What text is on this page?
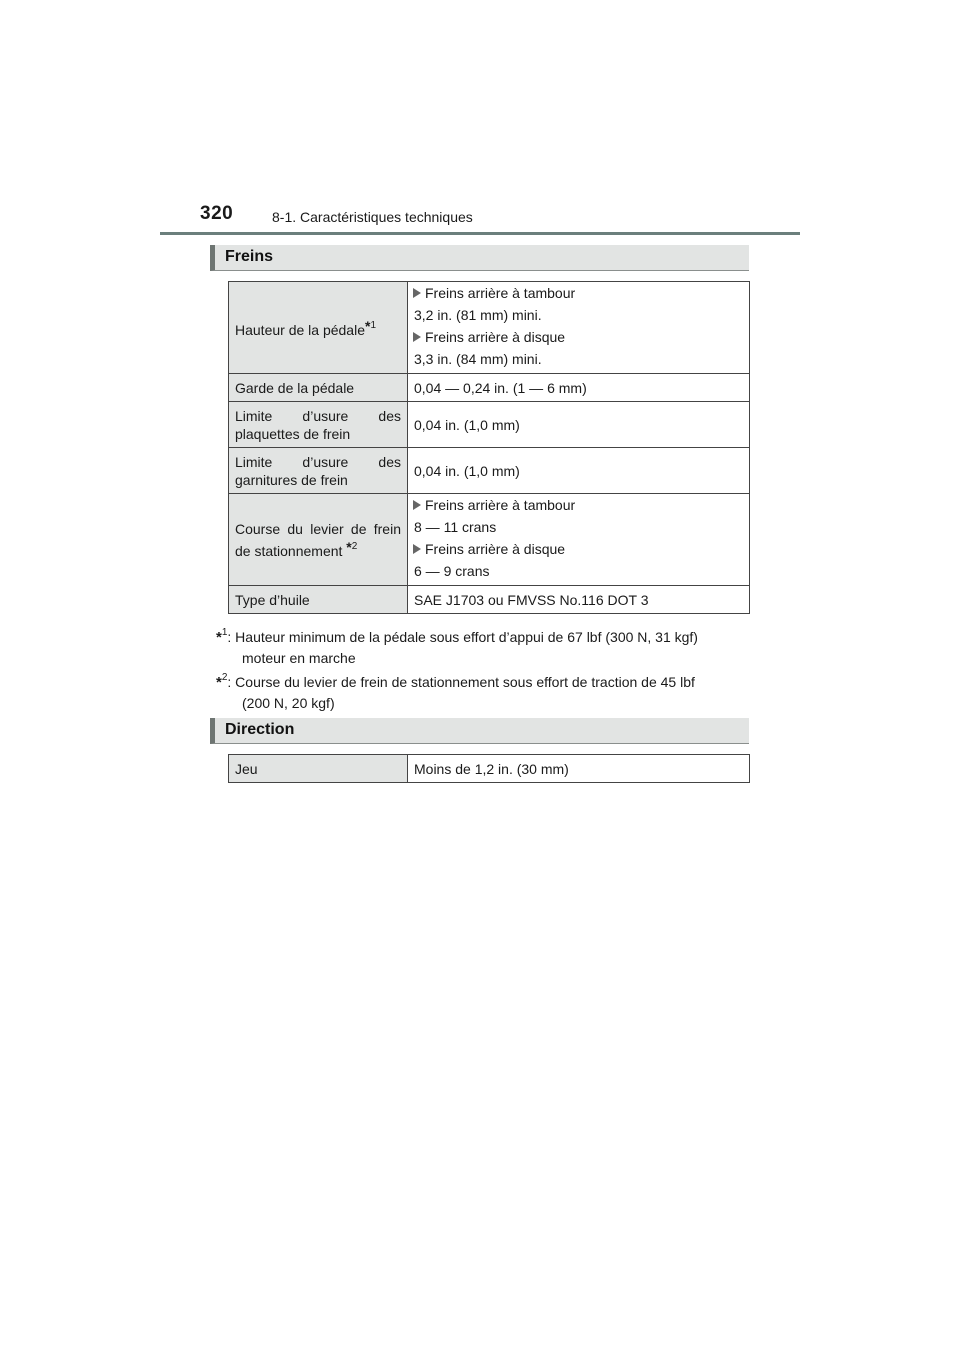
320	8-1. Caractéristiques techniques
Freins
Hauteur de la pédale$^{*1}$	Freins arrière à tambour
3,2 in. (81 mm) mini.
Freins arrière à disque
3,3 in. (84 mm) mini.

Garde de la pédale	0,04 — 0,24 in. (1 — 6 mm)
Limite d’usure des plaquettes de frein	0,04 in. (1,0 mm)
Limite d’usure des garnitures de frein	0,04 in. (1,0 mm)
Course du levier de frein de stationnement $^{*2}$	Freins arrière à tambour
8 — 11 crans
Freins arrière à disque
6 — 9 crans

Type d’huile	SAE J1703 ou FMVSS No.116 DOT 3
*$^1$: Hauteur minimum de la pédale sous effort d’appui de 67 lbf (300 N, 31 kgf)
moteur en marche
*$^2$: Course du levier de frein de stationnement sous effort de traction de 45 lbf
(200 N, 20 kgf)
Direction
Jeu	Moins de 1,2 in. (30 mm)
